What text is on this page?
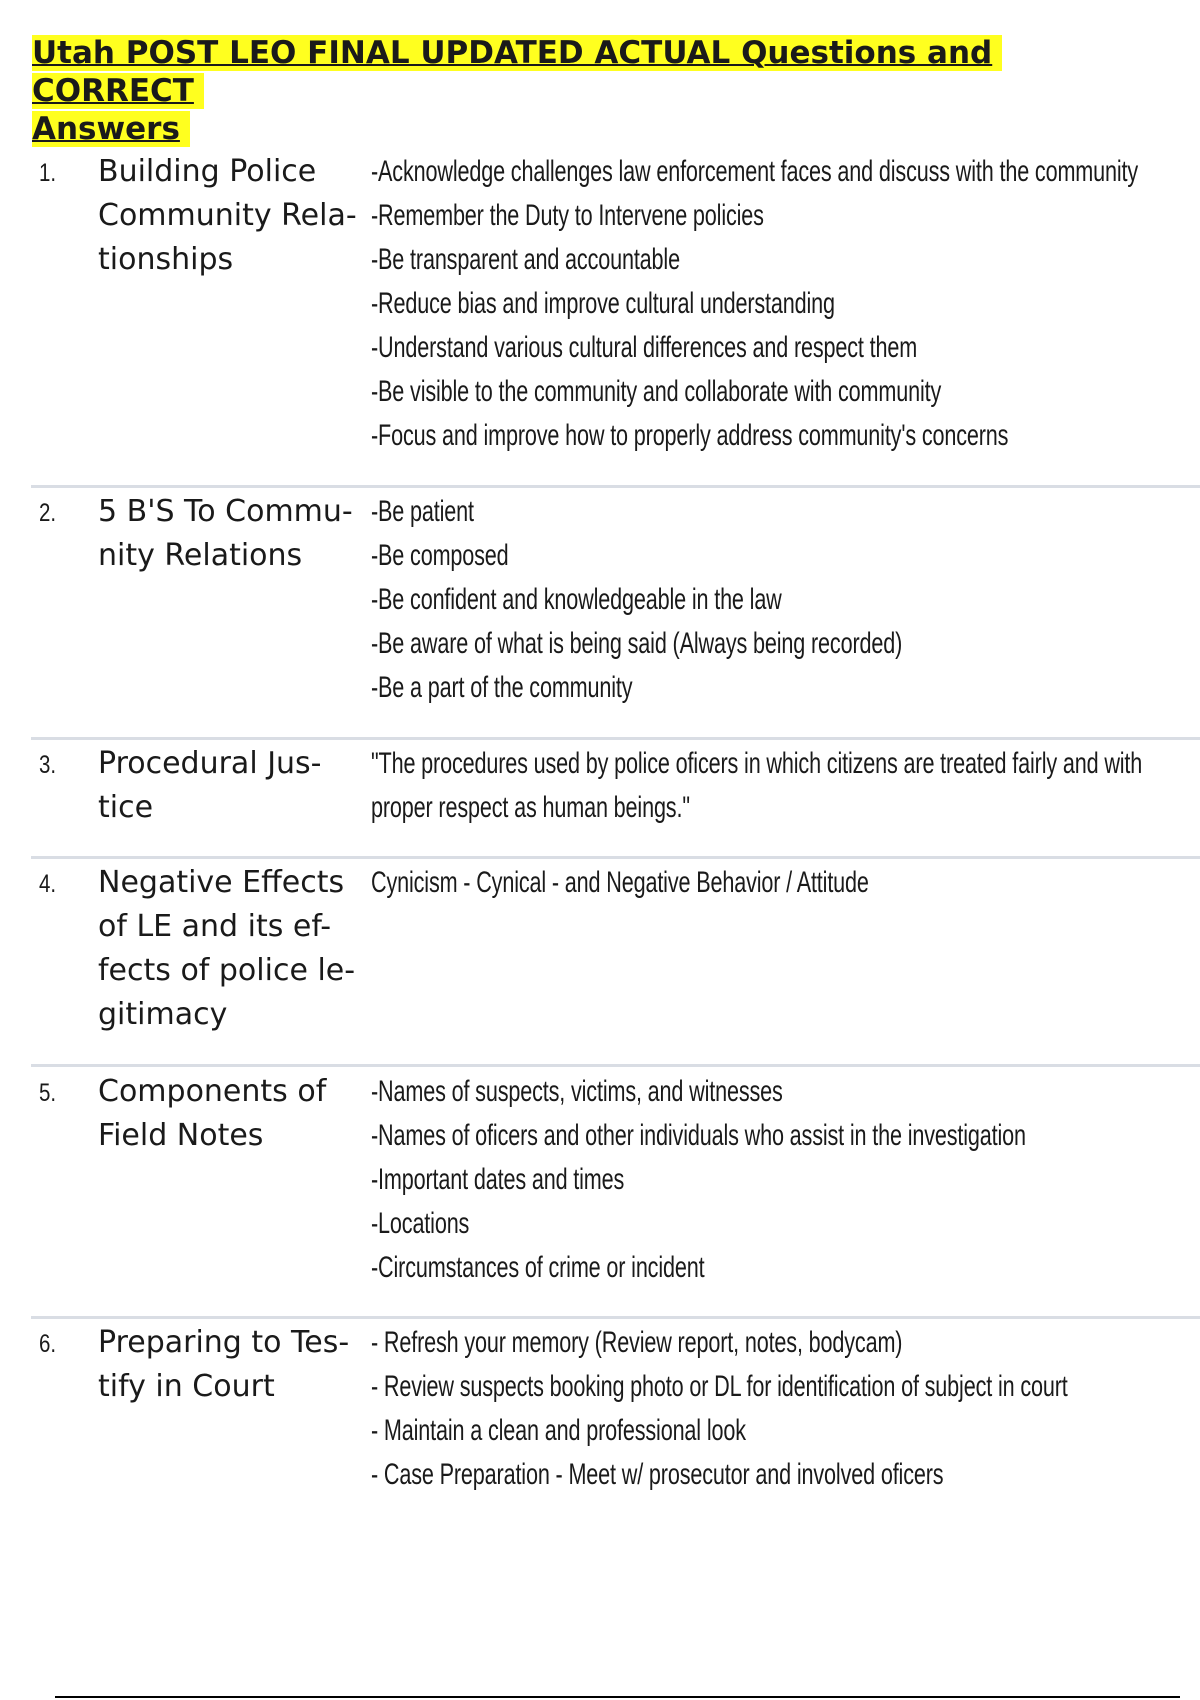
Utah POST LEO FINAL UPDATED ACTUAL Questions and CORRECT
Answers
1. Building Police
Community Rela-
tionships
-Acknowledge challenges law enforcement faces and discuss with the community
-Remember the Duty to Intervene policies
-Be transparent and accountable
-Reduce bias and improve cultural understanding
-Understand various cultural differences and respect them
-Be visible to the community and collaborate with community
-Focus and improve how to properly address community's concerns
2. 5 B'S To Commu-
nity Relations
-Be patient
-Be composed
-Be confident and knowledgeable in the law
-Be aware of what is being said (Always being recorded)
-Be a part of the community
3. Procedural Jus-
tice
"The procedures used by police oficers in which citizens are treated fairly and with
proper respect as human beings."
4. Negative Effects
of LE and its ef-
fects of police le-
gitimacy
Cynicism - Cynical - and Negative Behavior / Attitude
5. Components of
Field Notes
-Names of suspects, victims, and witnesses
-Names of oficers and other individuals who assist in the investigation
-Important dates and times
-Locations
-Circumstances of crime or incident
6. Preparing to Tes-
tify in Court
- Refresh your memory (Review report, notes, bodycam)
- Review suspects booking photo or DL for identification of subject in court
- Maintain a clean and professional look
- Case Preparation - Meet w/ prosecutor and involved oficers
